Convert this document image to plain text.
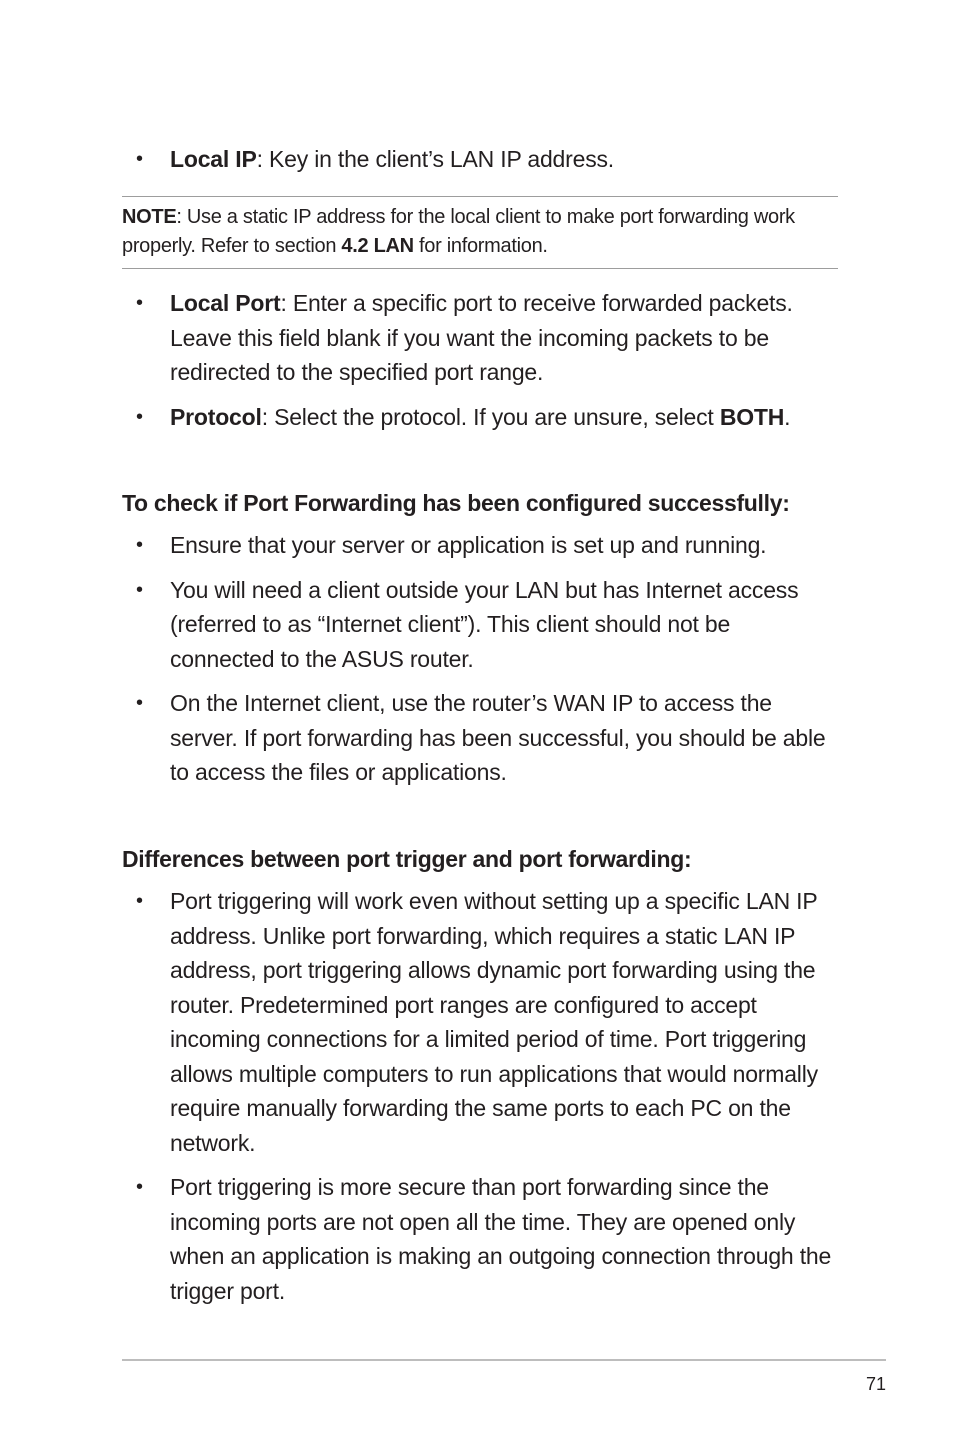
• Local IP: Key in the client’s LAN IP address.
NOTE: Use a static IP address for the local client to make port forwarding work properly. Refer to section 4.2 LAN for information.
• Local Port: Enter a specific port to receive forwarded packets. Leave this field blank if you want the incoming packets to be redirected to the specified port range.
• Protocol: Select the protocol. If you are unsure, select BOTH.
To check if Port Forwarding has been configured successfully:
• Ensure that your server or application is set up and running.
• You will need a client outside your LAN but has Internet access (referred to as “Internet client”). This client should not be connected to the ASUS router.
• On the Internet client, use the router’s WAN IP to access the server. If port forwarding has been successful, you should be able to access the files or applications.
Differences between port trigger and port forwarding:
• Port triggering will work even without setting up a specific LAN IP address. Unlike port forwarding, which requires a static LAN IP address, port triggering allows dynamic port forwarding using the router. Predetermined port ranges are configured to accept incoming connections for a limited period of time. Port triggering allows multiple computers to run applications that would normally require manually forwarding the same ports to each PC on the network.
• Port triggering is more secure than port forwarding since the incoming ports are not open all the time. They are opened only when an application is making an outgoing connection through the trigger port.
71
